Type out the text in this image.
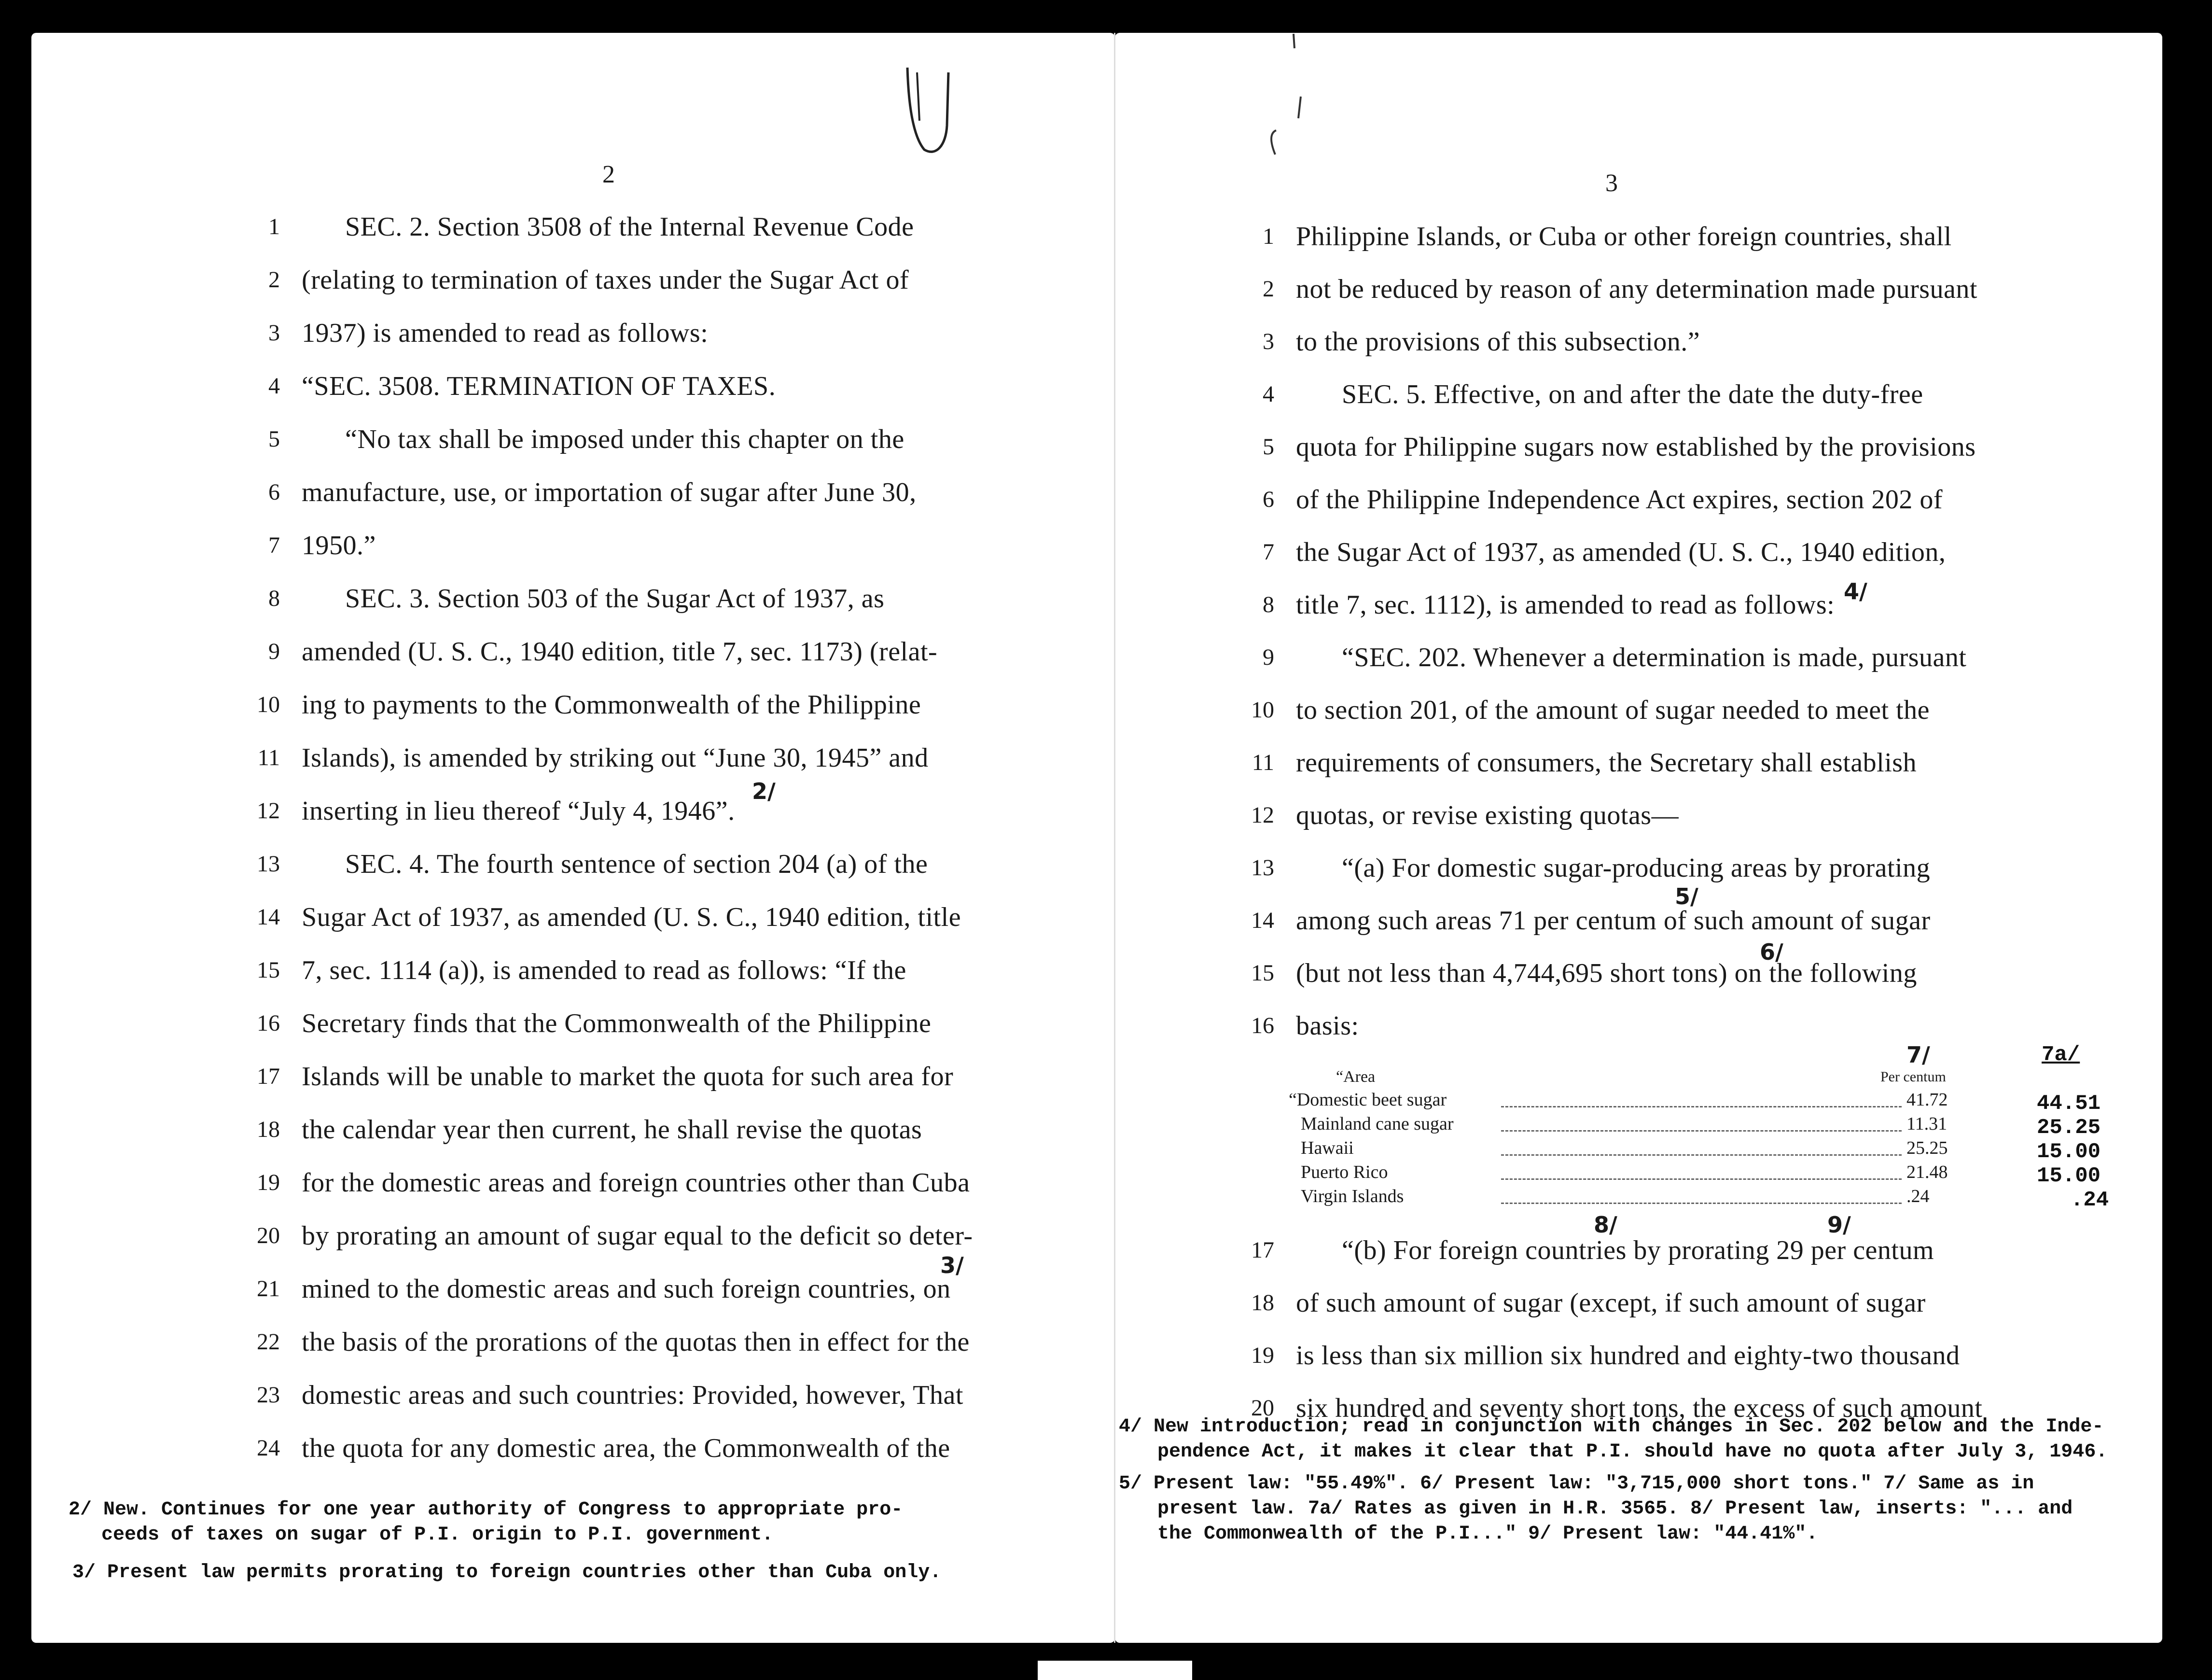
2
1 SEC. 2. Section 3508 of the Internal Revenue Code
2 (relating to termination of taxes under the Sugar Act of
3 1937) is amended to read as follows:
4 “SEC. 3508. TERMINATION OF TAXES.
5 “No tax shall be imposed under this chapter on the
6 manufacture, use, or importation of sugar after June 30,
7 1950.”
8 SEC. 3. Section 503 of the Sugar Act of 1937, as
9 amended (U. S. C., 1940 edition, title 7, sec. 1173) (relat-
10 ing to payments to the Commonwealth of the Philippine
11 Islands), is amended by striking out “June 30, 1945” and
12 inserting in lieu thereof “July 4, 1946”.
13 SEC. 4. The fourth sentence of section 204 (a) of the
14 Sugar Act of 1937, as amended (U. S. C., 1940 edition, title
15 7, sec. 1114 (a)), is amended to read as follows: “If the
16 Secretary finds that the Commonwealth of the Philippine
17 Islands will be unable to market the quota for such area for
18 the calendar year then current, he shall revise the quotas
19 for the domestic areas and foreign countries other than Cuba
20 by prorating an amount of sugar equal to the deficit so deter-
21 mined to the domestic areas and such foreign countries, on
22 the basis of the prorations of the quotas then in effect for the
23 domestic areas and such countries: Provided, however, That
24 the quota for any domestic area, the Commonwealth of the
2/
3/
2/ New. Continues for one year authority of Congress to appropriate pro-
ceeds of taxes on sugar of P.I. origin to P.I. government.
3/ Present law permits prorating to foreign countries other than Cuba only.
3
1 Philippine Islands, or Cuba or other foreign countries, shall
2 not be reduced by reason of any determination made pursuant
3 to the provisions of this subsection.”
4	SEC. 5. Effective, on and after the date the duty-free
5 quota for Philippine sugars now established by the provisions
6 of the Philippine Independence Act expires, section 202 of
7 the Sugar Act of 1937, as amended (U. S. C., 1940 edition,
8 title 7, sec. 1112), is amended to read as follows:
9	“SEC. 202. Whenever a determination is made, pursuant
10 to section 201, of the amount of sugar needed to meet the
11 requirements of consumers, the Secretary shall establish
12 quotas, or revise existing quotas—
13	“(a) For domestic sugar-producing areas by prorating
14 among such areas 71 per centum of such amount of sugar
15 (but not less than 4,744,695 short tons) on the following
16 basis:
17	“(b) For foreign countries by prorating 29 per centum
18 of such amount of sugar (except, if such amount of sugar
19 is less than six million six hundred and eighty-two thousand
20 six hundred and seventy short tons, the excess of such amount
4/
5/
6/
8/	9/
“Area	Per centum
7/	7a/
“Domestic beet sugar	41.72	44.51
Mainland cane sugar	11.31	25.25
Hawaii	25.25	15.00
Puerto Rico	21.48	15.00
Virgin Islands	.24	.24
4/ New introduction; read in conjunction with changes in Sec. 202 below and the Inde-
pendence Act, it makes it clear that P.I. should have no quota after July 3, 1946.
5/ Present law: "55.49%". 6/ Present law: "3,715,000 short tons." 7/ Same as in
present law. 7a/ Rates as given in H.R. 3565. 8/ Present law, inserts: "... and
the Commonwealth of the P.I..." 9/ Present law: "44.41%".
